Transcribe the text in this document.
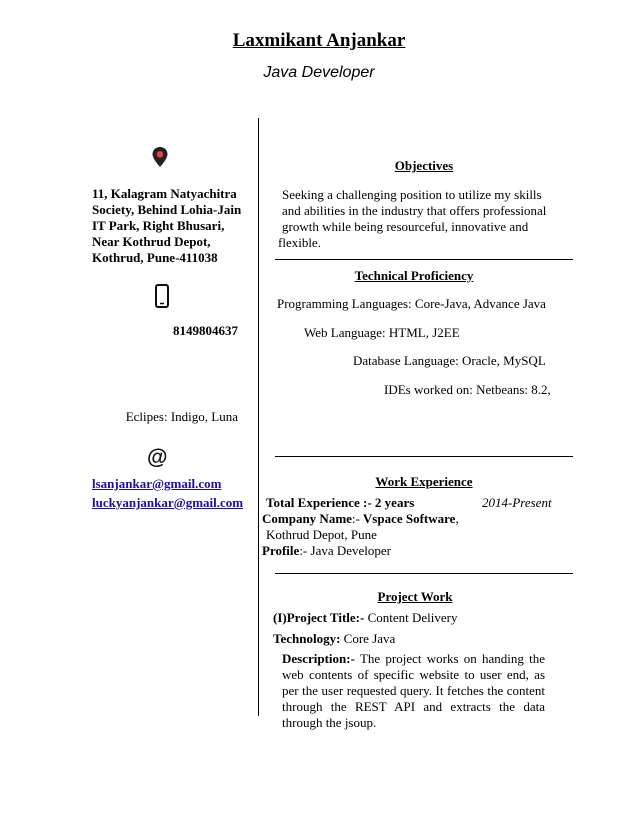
Laxmikant Anjankar
Java Developer
11, Kalagram Natyachitra
Society, Behind Lohia-Jain
IT Park, Right Bhusari,
Near Kothrud Depot,
Kothrud, Pune-411038
8149804637
Eclipes: Indigo, Luna
@
lsanjankar@gmail.com
luckyanjankar@gmail.com
Objectives
Seeking a challenging position to utilize my skills
and abilities in the industry that offers professional
growth while being resourceful, innovative and
flexible.
Technical Proficiency
Programming Languages: Core-Java, Advance Java
Web Language: HTML, J2EE
Database Language: Oracle, MySQL
IDEs worked on: Netbeans: 8.2,
Work Experience
Total Experience :- 2 years	2014-Present
Company Name:- Vspace Software,
Kothrud Depot, Pune
Profile:- Java Developer
Project Work
(I)Project Title:- Content Delivery
Technology: Core Java
Description:- The project works on handing the web contents of specific website to user end, as per the user requested query. It fetches the content through the REST API and extracts the data through the jsoup.
